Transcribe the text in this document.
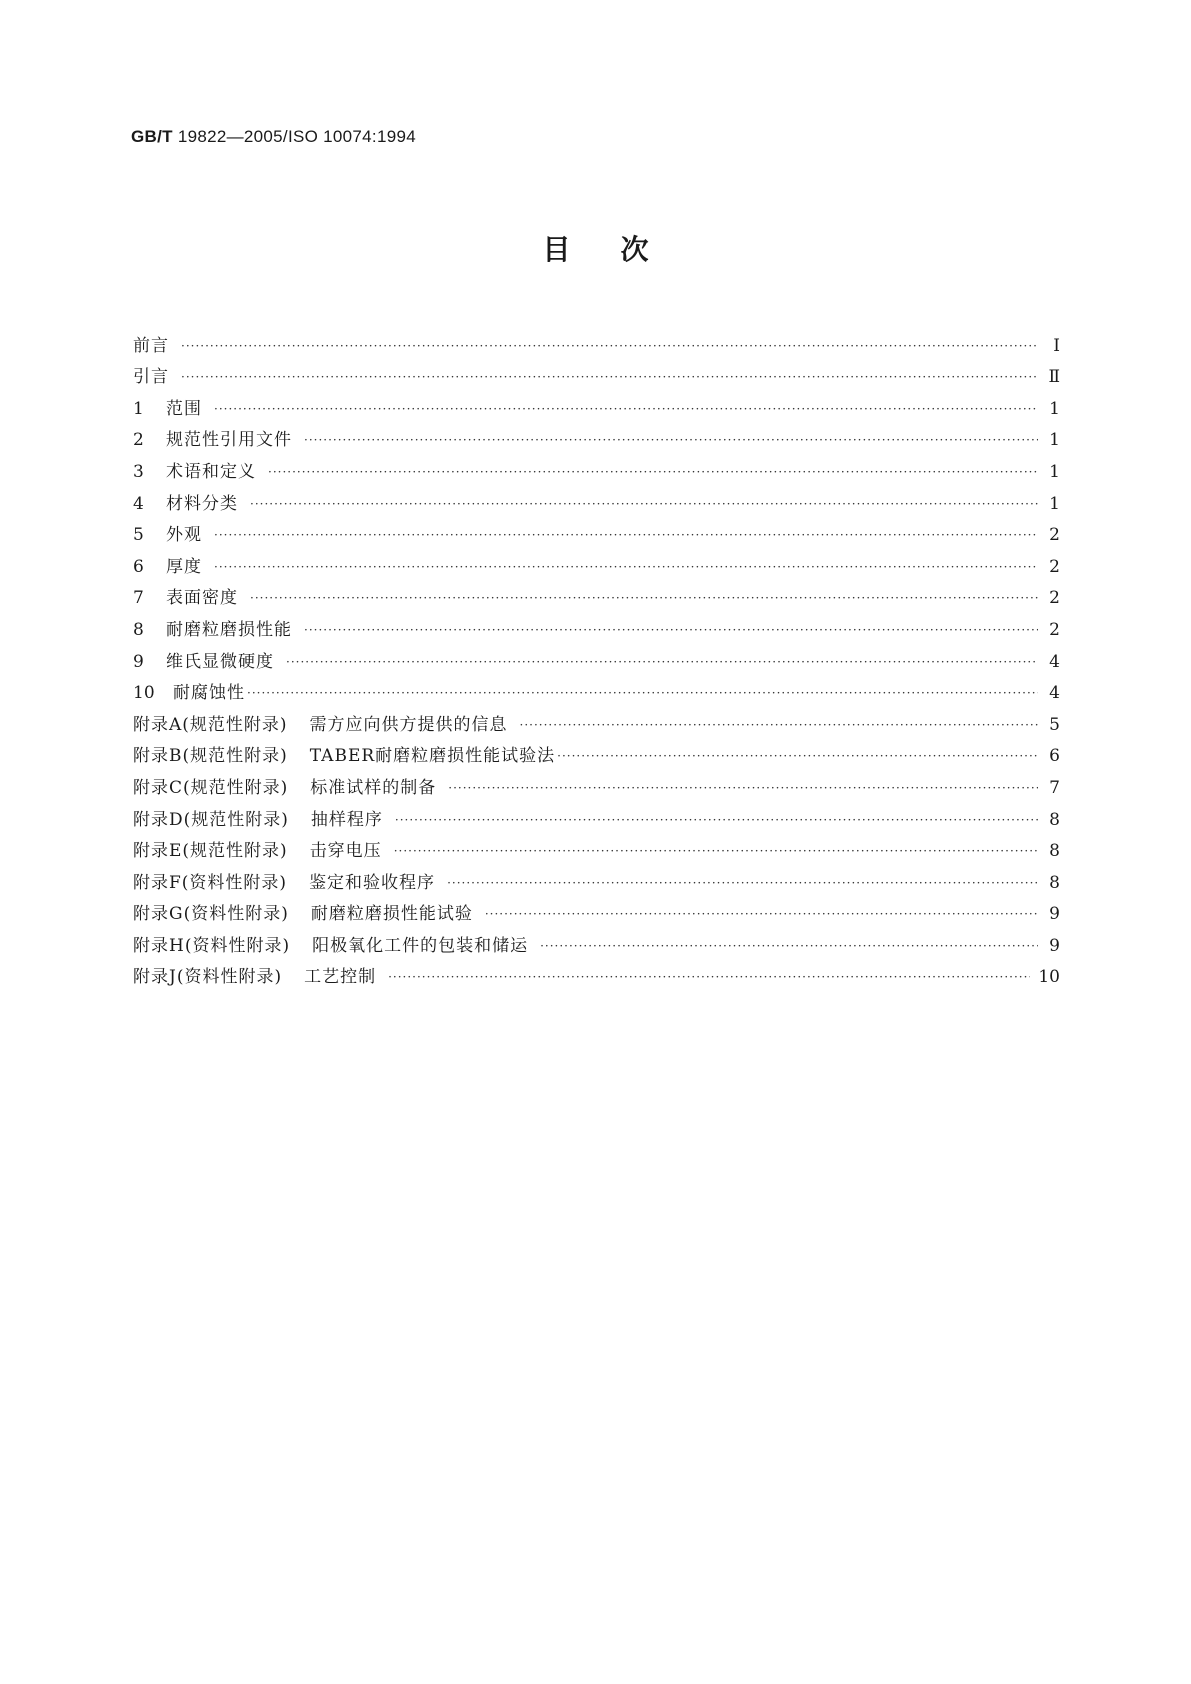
GB/T 19822—2005/ISO 10074:1994
目次
前言 ·····	Ⅰ
引言 ·····	Ⅱ
1	范围 ·····	1
2	规范性引用文件 ·····	1
3	术语和定义 ·····	1
4	材料分类 ·····	1
5	外观 ·····	2
6	厚度 ·····	2
7	表面密度 ·····	2
8	耐磨粒磨损性能 ·····	2
9	维氏显微硬度 ·····	4
10	耐腐蚀性 ·····	4
附录A(规范性附录) 需方应向供方提供的信息 ·····	5
附录B(规范性附录) TABER耐磨粒磨损性能试验法 ·····	6
附录C(规范性附录) 标准试样的制备 ·····	7
附录D(规范性附录) 抽样程序 ·····	8
附录E(规范性附录) 击穿电压 ·····	8
附录F(资料性附录) 鉴定和验收程序 ·····	8
附录G(资料性附录) 耐磨粒磨损性能试验 ·····	9
附录H(资料性附录) 阳极氧化工件的包装和储运 ·····	9
附录J(资料性附录) 工艺控制 ·····	10
